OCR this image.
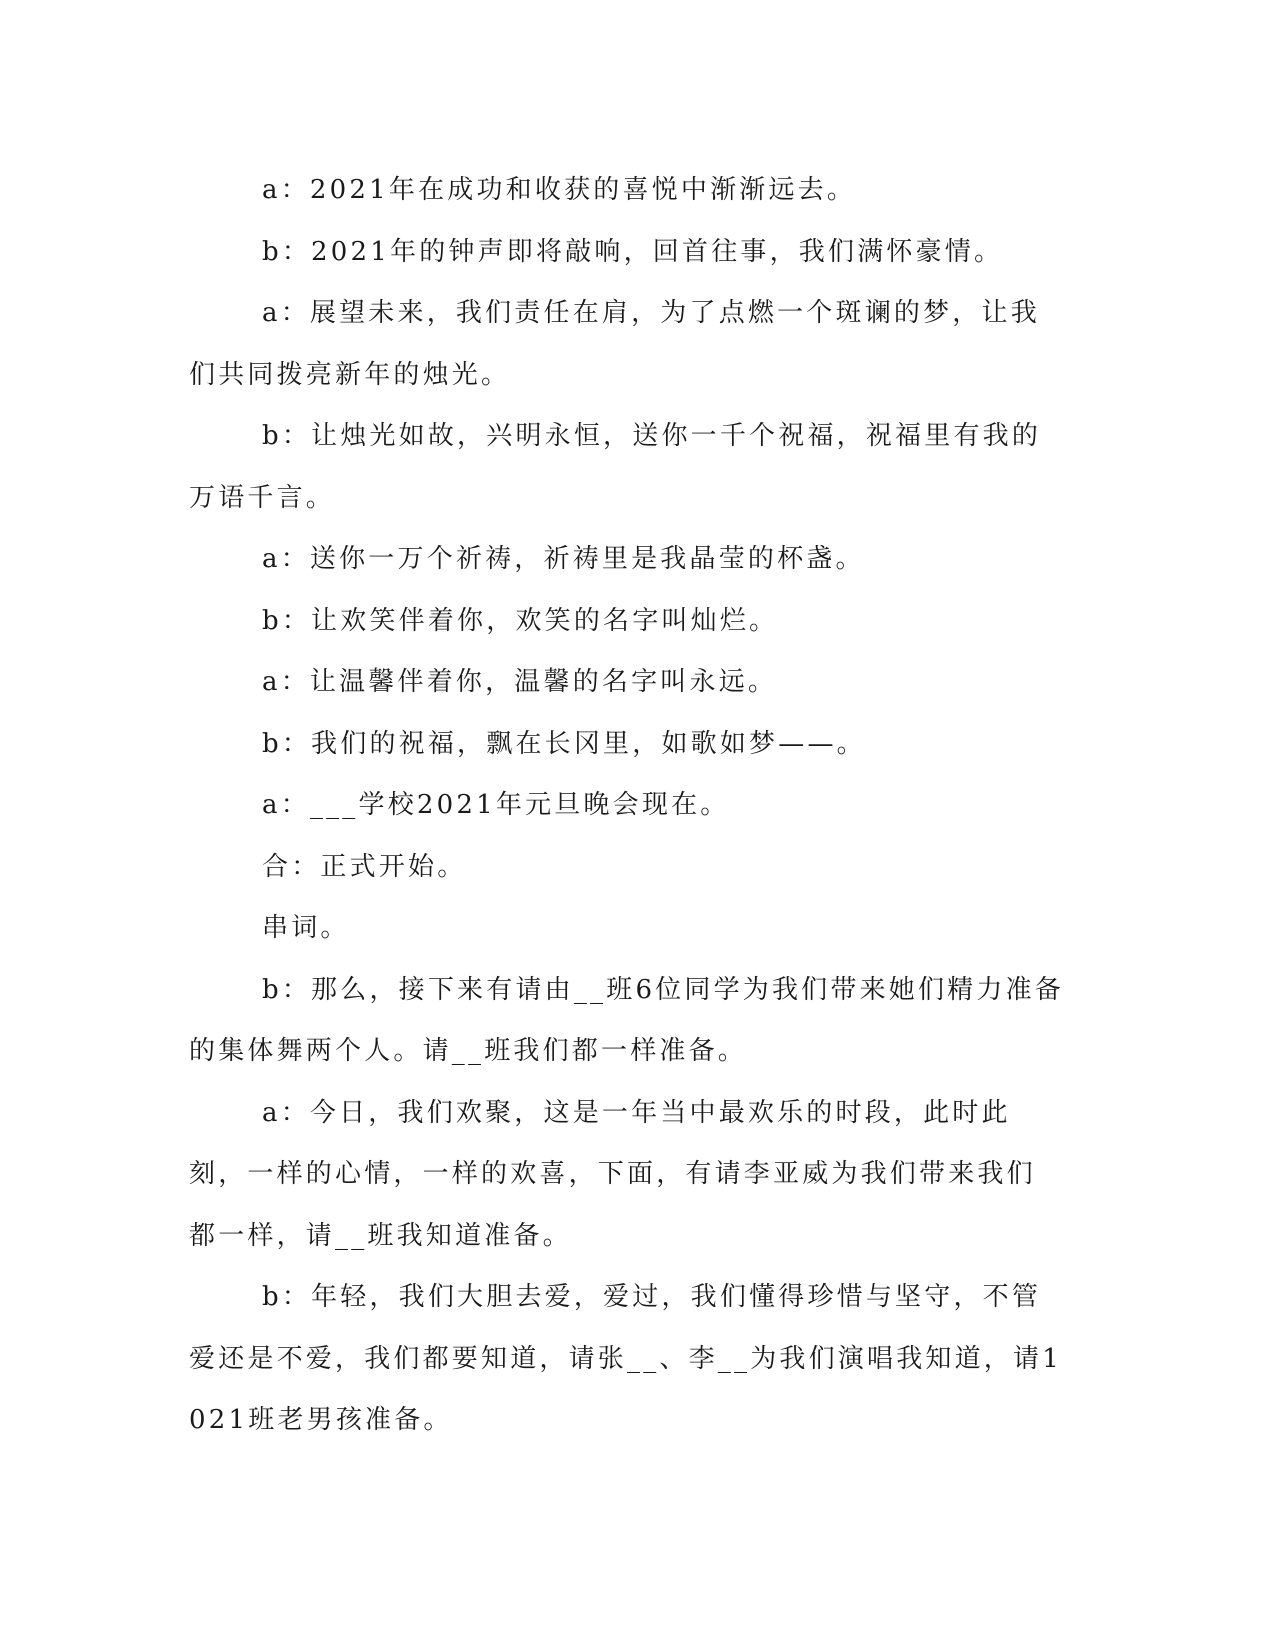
a：2021年在成功和收获的喜悦中渐渐远去。

b：2021年的钟声即将敲响，回首往事，我们满怀豪情。

a：展望未来，我们责任在肩，为了点燃一个斑谰的梦，让我们共同拨亮新年的烛光。

b：让烛光如故，兴明永恒，送你一千个祝福，祝福里有我的万语千言。

a：送你一万个祈祷，祈祷里是我晶莹的杯盏。

b：让欢笑伴着你，欢笑的名字叫灿烂。

a：让温馨伴着你，温馨的名字叫永远。

b：我们的祝福，飘在长冈里，如歌如梦——。

a：___学校2021年元旦晚会现在。

合：正式开始。

串词。

b：那么，接下来有请由__班6位同学为我们带来她们精力准备的集体舞两个人。请__班我们都一样准备。

a：今日，我们欢聚，这是一年当中最欢乐的时段，此时此刻，一样的心情，一样的欢喜，下面，有请李亚威为我们带来我们都一样，请__班我知道准备。

b：年轻，我们大胆去爱，爱过，我们懂得珍惜与坚守，不管爱还是不爱，我们都要知道，请张__、李__为我们演唱我知道，请1021班老男孩准备。
